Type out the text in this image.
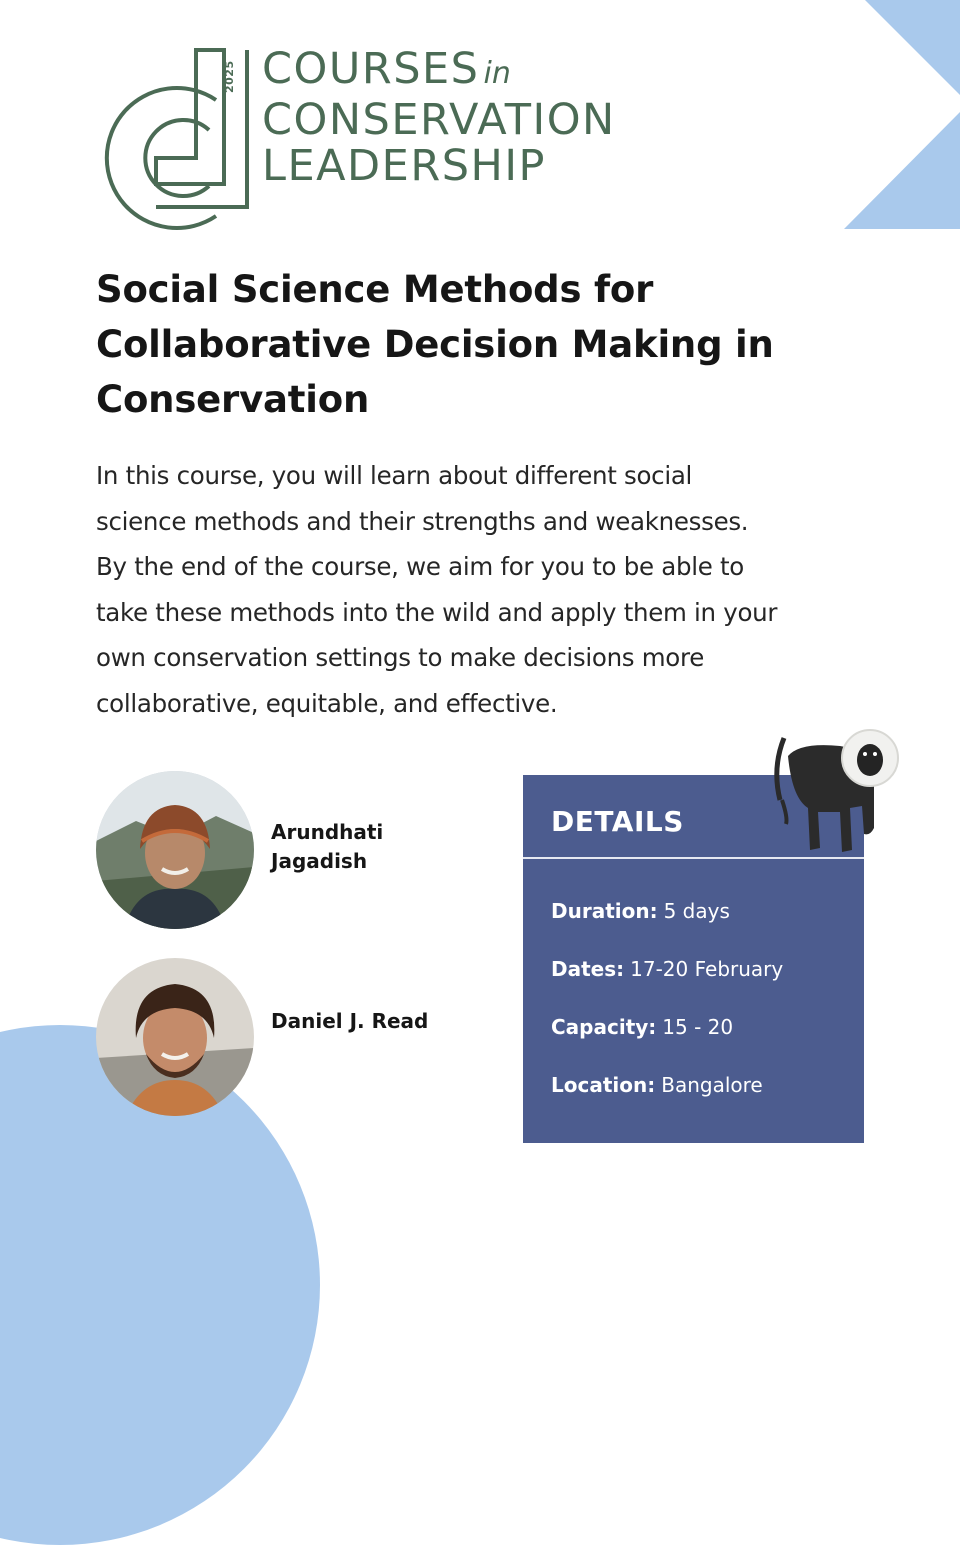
2025 COURSES in
CONSERVATION
LEADERSHIP
Social Science Methods for
Collaborative Decision Making in
Conservation

In this course, you will learn about different social
science methods and their strengths and weaknesses.
By the end of the course, we aim for you to be able to
take these methods into the wild and apply them in your
own conservation settings to make decisions more
collaborative, equitable, and effective.

Arundhati
Jagadish
Daniel J. Read
DETAILS
Duration: 5 days
Dates: 17-20 February
Capacity: 15 - 20
Location: Bangalore
